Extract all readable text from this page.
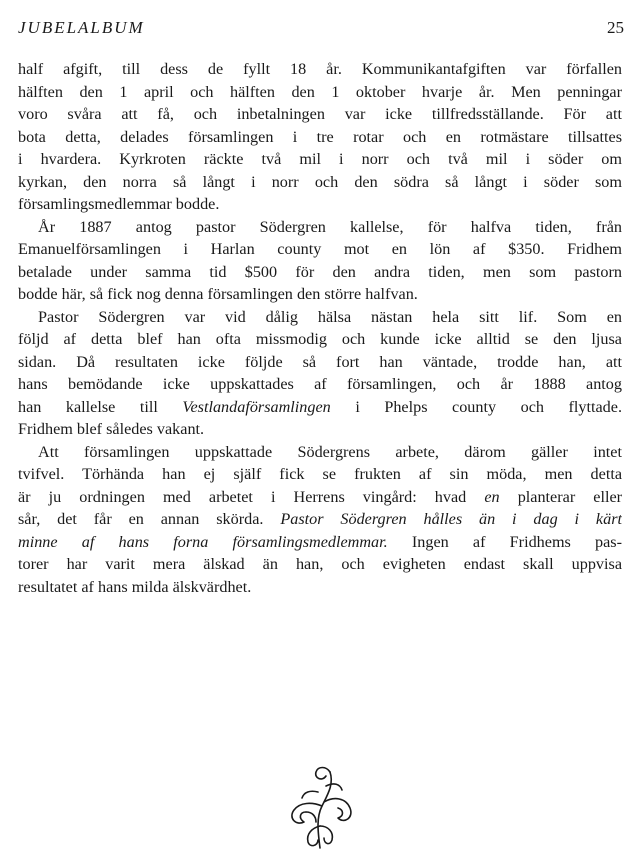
JUBELALBUM	25
half afgift, till dess de fyllt 18 år. Kommunikantafgiften var förfallen
hälften den 1 april och hälften den 1 oktober hvarje år. Men penningar
voro svåra att få, och inbetalningen var icke tillfredsställande. För att
bota detta, delades församlingen i tre rotar och en rotmästare tillsattes
i hvardera. Kyrkroten räckte två mil i norr och två mil i söder om
kyrkan, den norra så långt i norr och den södra så långt i söder som
församlingsmedlemmar bodde.
År 1887 antog pastor Södergren kallelse, för halfva tiden, från
Emanuelförsamlingen i Harlan county mot en lön af $350. Fridhem
betalade under samma tid $500 för den andra tiden, men som pastorn
bodde här, så fick nog denna församlingen den större halfvan.
Pastor Södergren var vid dålig hälsa nästan hela sitt lif. Som en
följd af detta blef han ofta missmodig och kunde icke alltid se den ljusa
sidan. Då resultaten icke följde så fort han väntade, trodde han, att
hans bemödande icke uppskattades af församlingen, och år 1888 antog
han kallelse till Vestlandaförsamlingen i Phelps county och flyttade.
Fridhem blef således vakant.
Att församlingen uppskattade Södergrens arbete, därom gäller intet
tvifvel. Törhända han ej själf fick se frukten af sin möda, men detta
är ju ordningen med arbetet i Herrens vingård: hvad en planterar eller
sår, det får en annan skörda. Pastor Södergren hålles än i dag i kärt
minne af hans forna församlingsmedlemmar. Ingen af Fridhems pas-
torer har varit mera älskad än han, och evigheten endast skall uppvisa
resultatet af hans milda älskvärdhet.
